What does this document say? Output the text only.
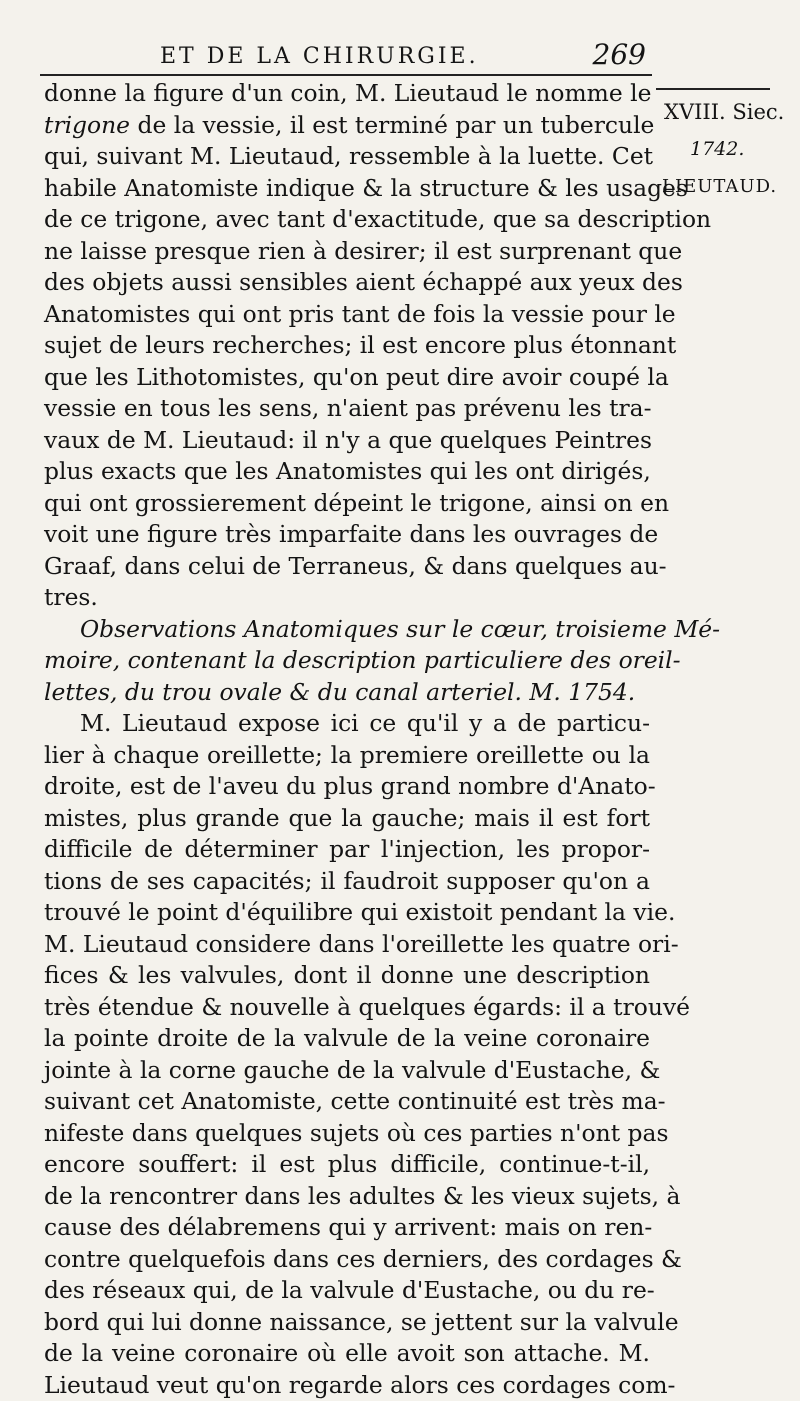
ET DE LA CHIRURGIE.	269
XVIII. Siec.
1742.
LIEUTAUD.
donne la figure d'un coin, M. Lieutaud le nomme le
trigone de la vessie, il est terminé par un tubercule
qui, suivant M. Lieutaud, ressemble à la luette. Cet
habile Anatomiste indique & la structure & les usages
de ce trigone, avec tant d'exactitude, que sa description
ne laisse presque rien à desirer; il est surprenant que
des objets aussi sensibles aient échappé aux yeux des
Anatomistes qui ont pris tant de fois la vessie pour le
sujet de leurs recherches; il est encore plus étonnant
que les Lithotomistes, qu'on peut dire avoir coupé la
vessie en tous les sens, n'aient pas prévenu les tra-
vaux de M. Lieutaud: il n'y a que quelques Peintres
plus exacts que les Anatomistes qui les ont dirigés,
qui ont grossierement dépeint le trigone, ainsi on en
voit une figure très imparfaite dans les ouvrages de
Graaf, dans celui de Terraneus, & dans quelques au-
tres.
Observations Anatomiques sur le cœur, troisieme Mé-
moire, contenant la description particuliere des oreil-
lettes, du trou ovale & du canal arteriel. M. 1754.
M. Lieutaud expose ici ce qu'il y a de particu-
lier à chaque oreillette; la premiere oreillette ou la
droite, est de l'aveu du plus grand nombre d'Anato-
mistes, plus grande que la gauche; mais il est fort
difficile de déterminer par l'injection, les propor-
tions de ses capacités; il faudroit supposer qu'on a
trouvé le point d'équilibre qui existoit pendant la vie.
M. Lieutaud considere dans l'oreillette les quatre ori-
fices & les valvules, dont il donne une description
très étendue & nouvelle à quelques égards: il a trouvé
la pointe droite de la valvule de la veine coronaire
jointe à la corne gauche de la valvule d'Eustache, &
suivant cet Anatomiste, cette continuité est très ma-
nifeste dans quelques sujets où ces parties n'ont pas
encore souffert: il est plus difficile, continue-t-il,
de la rencontrer dans les adultes & les vieux sujets, à
cause des délabremens qui y arrivent: mais on ren-
contre quelquefois dans ces derniers, des cordages &
des réseaux qui, de la valvule d'Eustache, ou du re-
bord qui lui donne naissance, se jettent sur la valvule
de la veine coronaire où elle avoit son attache. M.
Lieutaud veut qu'on regarde alors ces cordages com-
